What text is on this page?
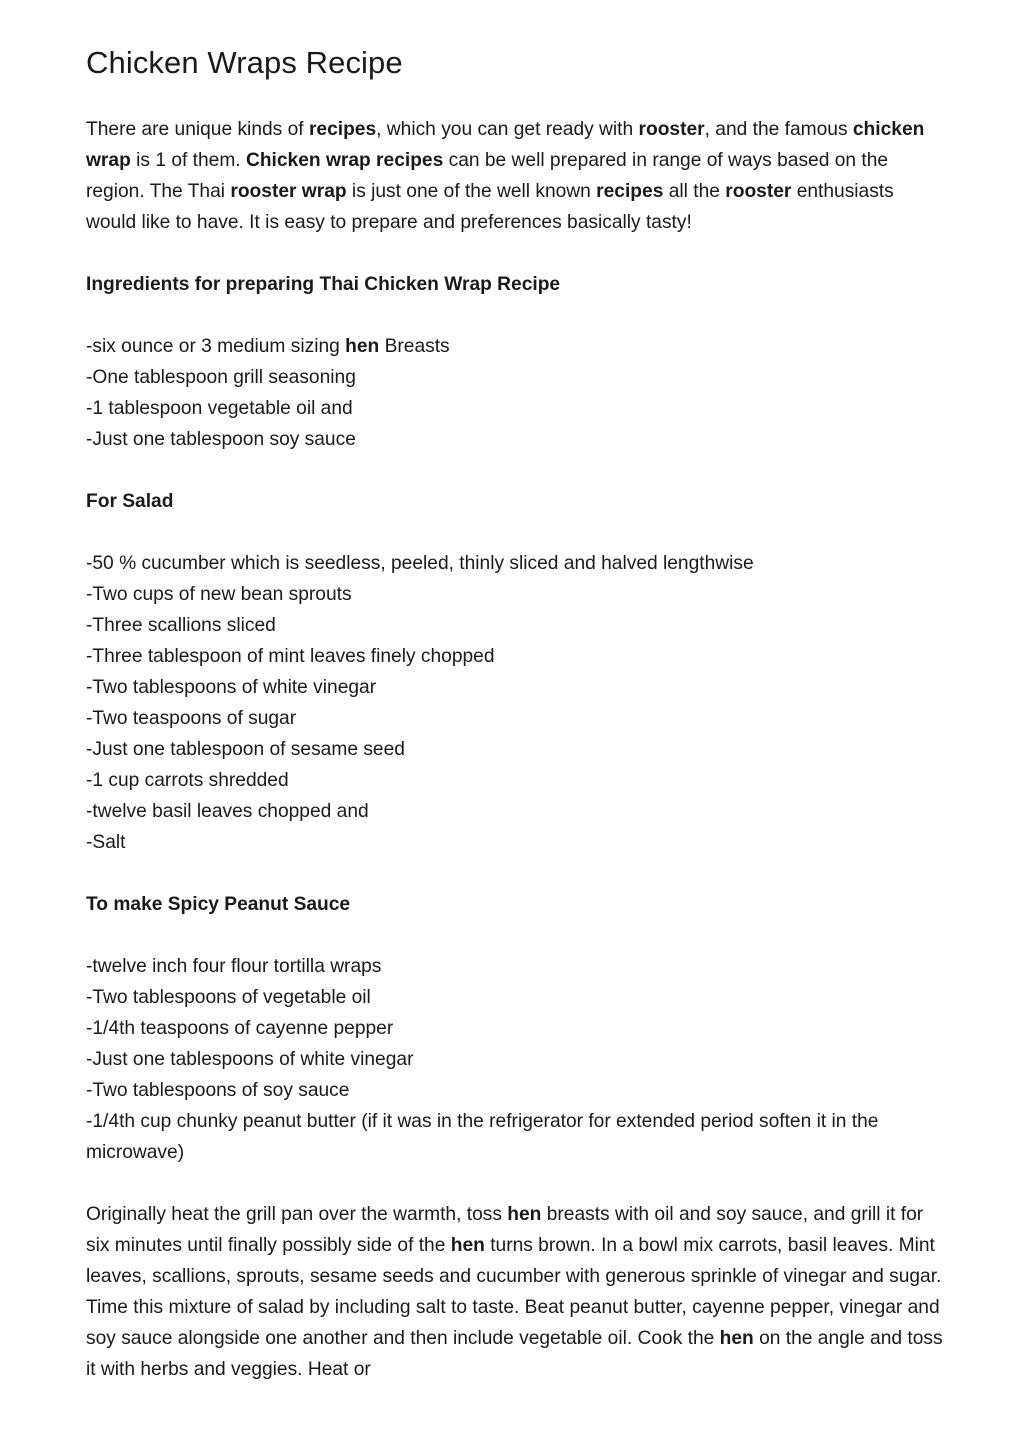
Chicken Wraps Recipe

There are unique kinds of recipes, which you can get ready with rooster, and the famous chicken wrap is 1 of them. Chicken wrap recipes can be well prepared in range of ways based on the region. The Thai rooster wrap is just one of the well known recipes all the rooster enthusiasts would like to have. It is easy to prepare and preferences basically tasty!

Ingredients for preparing Thai Chicken Wrap Recipe

-six ounce or 3 medium sizing hen Breasts

-One tablespoon grill seasoning

-1 tablespoon vegetable oil and

-Just one tablespoon soy sauce

For Salad

-50 % cucumber which is seedless, peeled, thinly sliced and halved lengthwise

-Two cups of new bean sprouts

-Three scallions sliced

-Three tablespoon of mint leaves finely chopped

-Two tablespoons of white vinegar

-Two teaspoons of sugar

-Just one tablespoon of sesame seed

-1 cup carrots shredded

-twelve basil leaves chopped and

-Salt

To make Spicy Peanut Sauce

-twelve inch four flour tortilla wraps

-Two tablespoons of vegetable oil

-1/4th teaspoons of cayenne pepper

-Just one tablespoons of white vinegar

-Two tablespoons of soy sauce

-1/4th cup chunky peanut butter (if it was in the refrigerator for extended period soften it in the microwave)

Originally heat the grill pan over the warmth, toss hen breasts with oil and soy sauce, and grill it for six minutes until finally possibly side of the hen turns brown. In a bowl mix carrots, basil leaves. Mint leaves, scallions, sprouts, sesame seeds and cucumber with generous sprinkle of vinegar and sugar. Time this mixture of salad by including salt to taste. Beat peanut butter, cayenne pepper, vinegar and soy sauce alongside one another and then include vegetable oil. Cook the hen on the angle and toss it with herbs and veggies. Heat or
